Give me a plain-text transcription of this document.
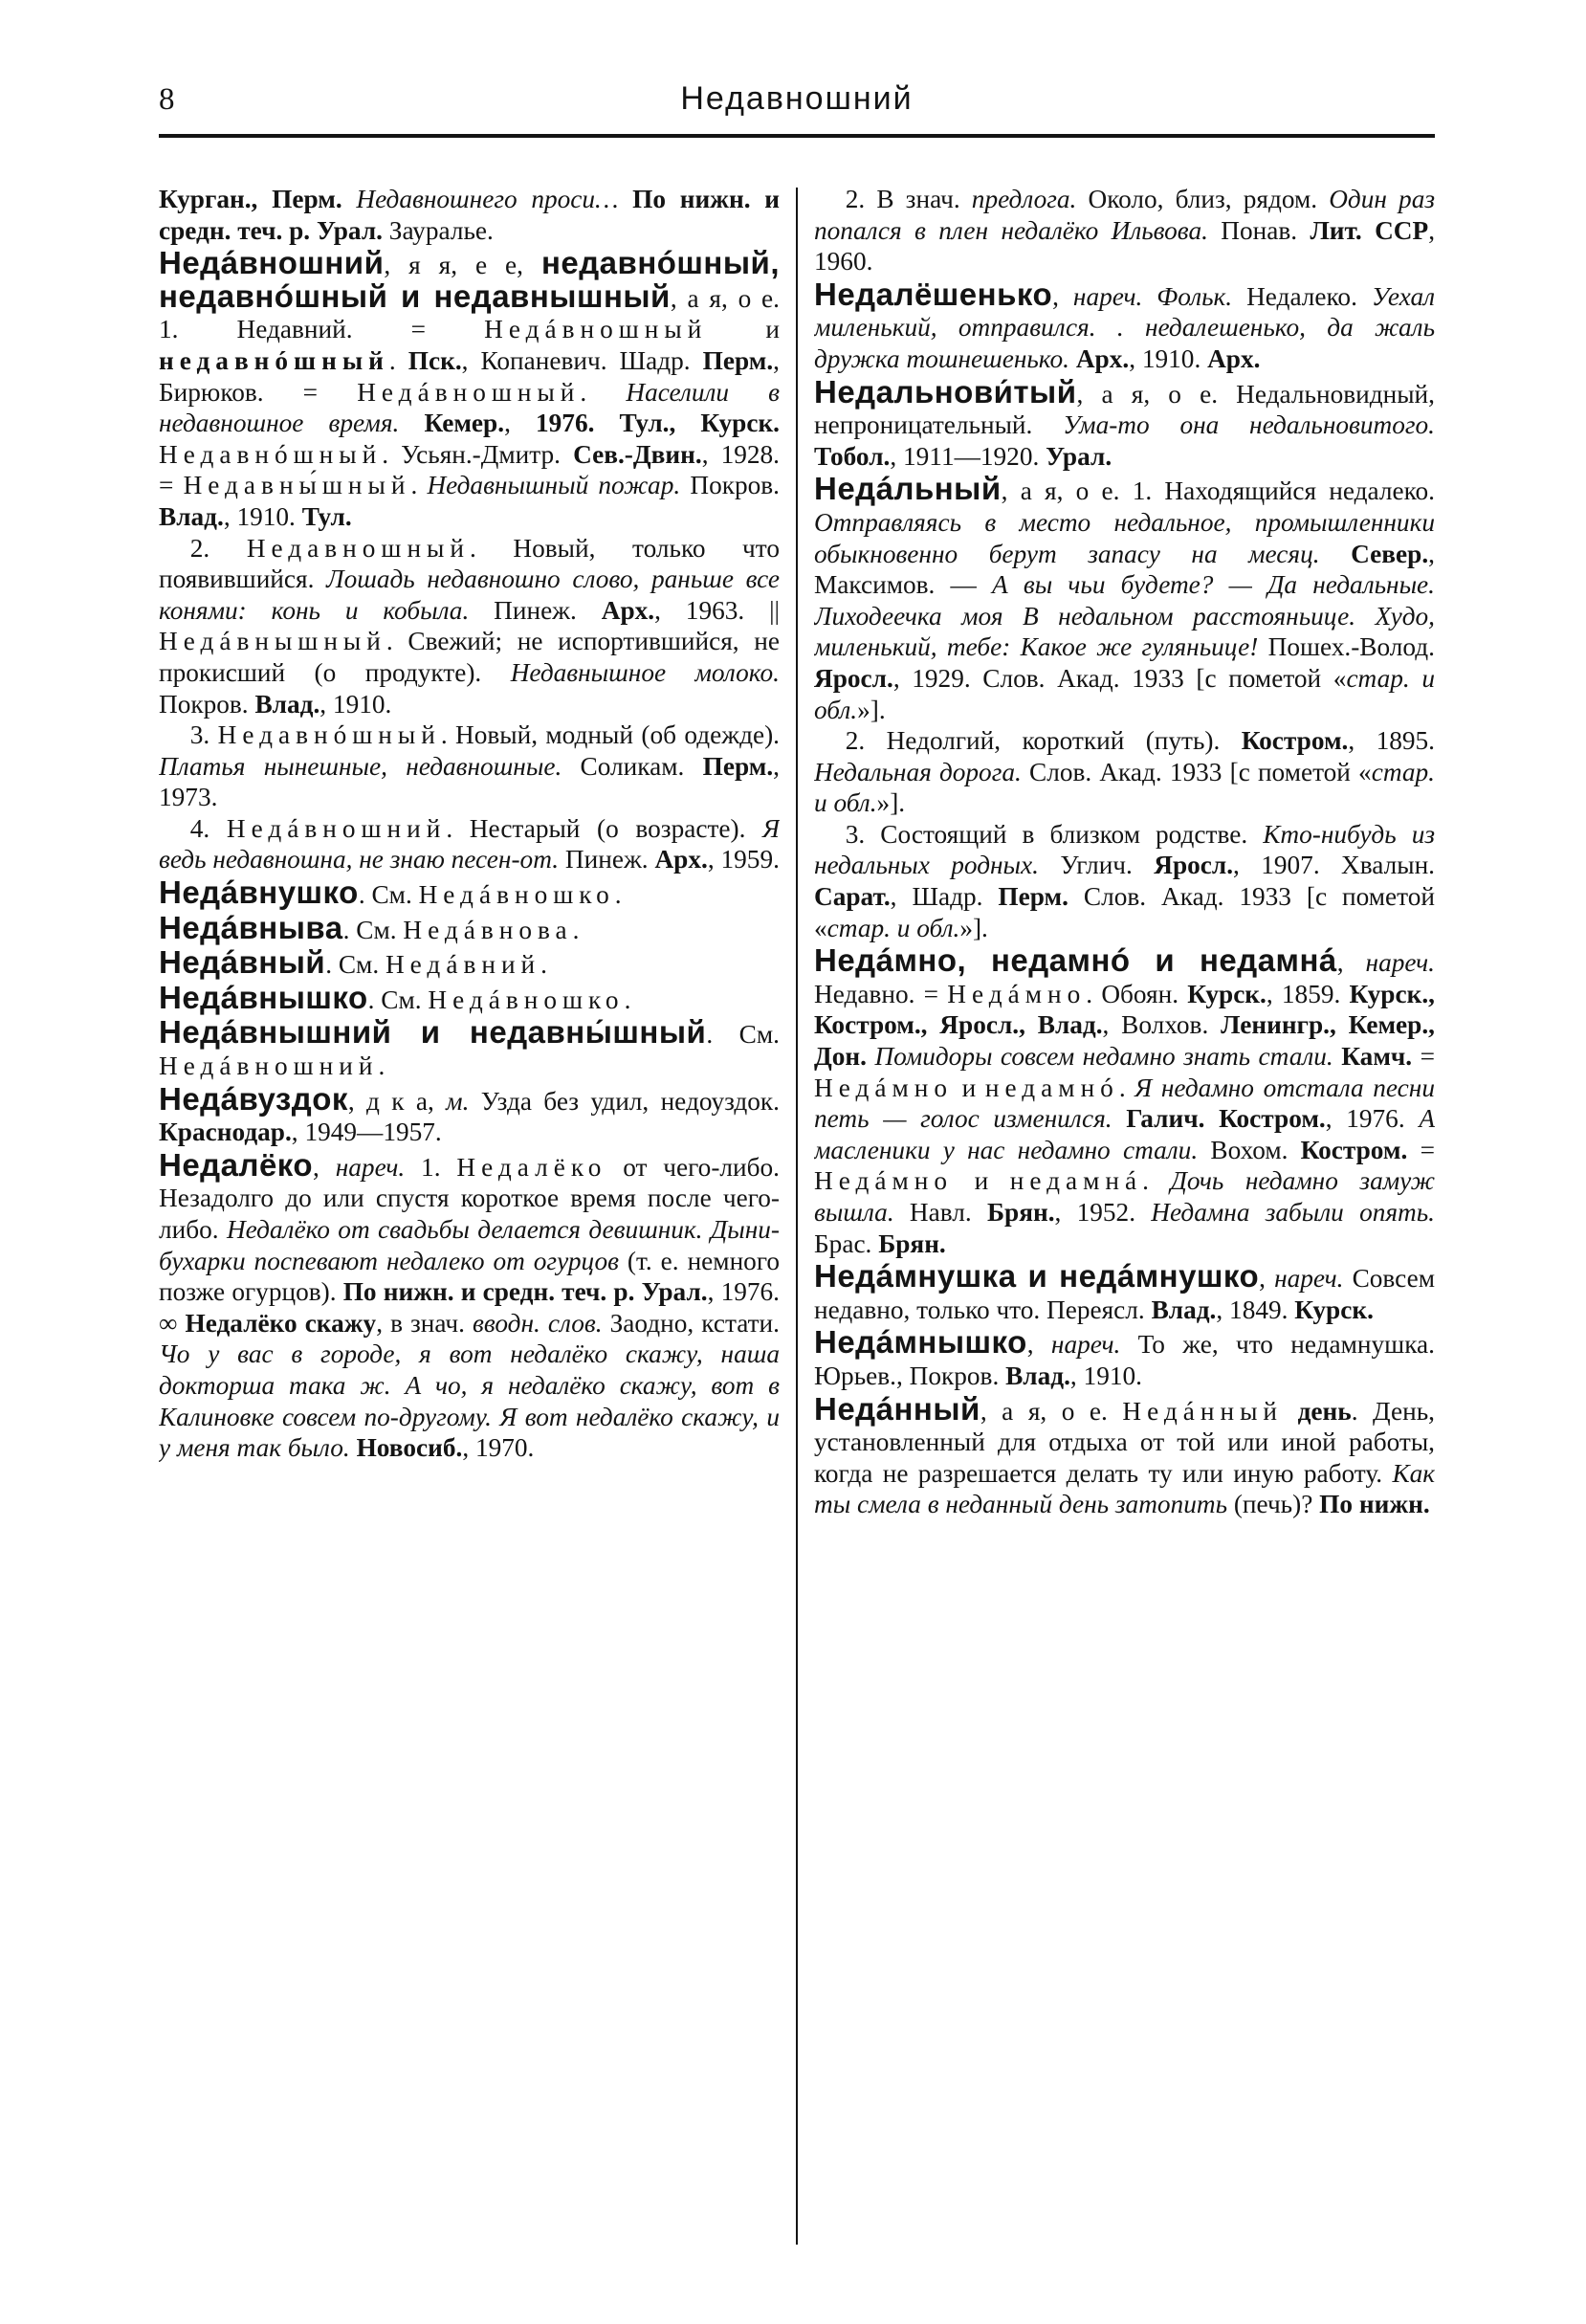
8	Недавношний

Курган., Перм. Недавношнего проси… По нижн. и средн. теч. р. Урал. Зауралье.

Недáвношний, я я, е е, недавнóшный, недавнóшный и недавнышный, а я, о е. 1. Недавний. = Недáвношный и недавнóшный. Пск., Копаневич. Шадр. Перм., Бирюков. = Недáвношный. Населили в недавношное время. Кемер., 1976. Тул., Курск. Недавнóшный. Усьян.-Дмитр. Сев.-Двин., 1928. = Недавны́шный. Недавнышный пожар. Покров. Влад., 1910. Тул.

2. Недавношный. Новый, только что появившийся. Лошадь недавношно слово, раньше все конями: конь и кобыла. Пинеж. Арх., 1963. || Недáвнышный. Свежий; не испортившийся, не прокисший (о продукте). Недавнышное молоко. Покров. Влад., 1910.

3. Недавнóшный. Новый, модный (об одежде). Платья нынешные, недавношные. Соликам. Перм., 1973.

4. Недáвношний. Нестарый (о возрасте). Я ведь недавношна, не знаю песен-от. Пинеж. Арх., 1959.

Недáвнушко. См. Недáвношко.

Недáвныва. См. Недáвнова.

Недáвный. См. Недáвний.

Недáвнышко. См. Недáвношко.

Недáвнышний и недавны́шный. См. Недáвношний.

Недáвуздок, д к а, м. Узда без удил, недоуздок. Краснодар., 1949—1957.

Недалёко, нареч. 1. Недалёко от чего-либо. Незадолго до или спустя короткое время после чего-либо. Недалёко от свадьбы делается девишник. Дыни-бухарки поспевают недалеко от огурцов (т. е. немного позже огурцов). По нижн. и средн. теч. р. Урал., 1976. ∞ Недалёко скажу, в знач. вводн. слов. Заодно, кстати. Чо у вас в городе, я вот недалёко скажу, наша докторша така ж. А чо, я недалёко скажу, вот в Калиновке совсем по-другому. Я вот недалёко скажу, и у меня так было. Новосиб., 1970.

2. В знач. предлога. Около, близ, рядом. Один раз попался в плен недалёко Ильвова. Понав. Лит. ССР, 1960.

Недалёшенько, нареч. Фольк. Недалеко. Уехал миленький, отправился. . недалешенько, да жаль дружка тошнешенько. Арх., 1910. Арх.

Недальнови́тый, а я, о е. Недальновидный, непроницательный. Ума-то она недальновитого. Тобол., 1911—1920. Урал.

Недáльный, а я, о е. 1. Находящийся недалеко. Отправляясь в место недальное, промышленники обыкновенно берут запасу на месяц. Север., Максимов. — А вы чьи будете? — Да недальные. Лиходеечка моя В недальном расстояньице. Худо, миленький, тебе: Какое же гуляньице! Пошех.-Волод. Яросл., 1929. Слов. Акад. 1933 [с пометой «стар. и обл.»].

2. Недолгий, короткий (путь). Костром., 1895. Недальная дорога. Слов. Акад. 1933 [с пометой «стар. и обл.»].

3. Состоящий в близком родстве. Кто-нибудь из недальных родных. Углич. Яросл., 1907. Хвалын. Сарат., Шадр. Перм. Слов. Акад. 1933 [с пометой «стар. и обл.»].

Недáмно, недамнó и недамнá́, нареч. Недавно. = Недáмно. Обоян. Курск., 1859. Курск., Костром., Яросл., Влад., Волхов. Ленингр., Кемер., Дон. Помидоры совсем недамно знать стали. Камч. = Недáмно и недамнó. Я недамно отстала песни петь — голос изменился. Галич. Костром., 1976. А масленики у нас недамно стали. Вохом. Костром. = Недáмно и недамнá. Дочь недамно замуж вышла. Навл. Брян., 1952. Недамна забыли опять. Брас. Брян.

Недáмнушка и недáмнушко, нареч. Совсем недавно, только что. Переясл. Влад., 1849. Курск.

Недáмнышко, нареч. То же, что недамнушка. Юрьев., Покров. Влад., 1910.

Недáнный, а я, о е. Недáнный день. День, установленный для отдыха от той или иной работы, когда не разрешается делать ту или иную работу. Как ты смела в неданный день затопить (печь)? По нижн.
